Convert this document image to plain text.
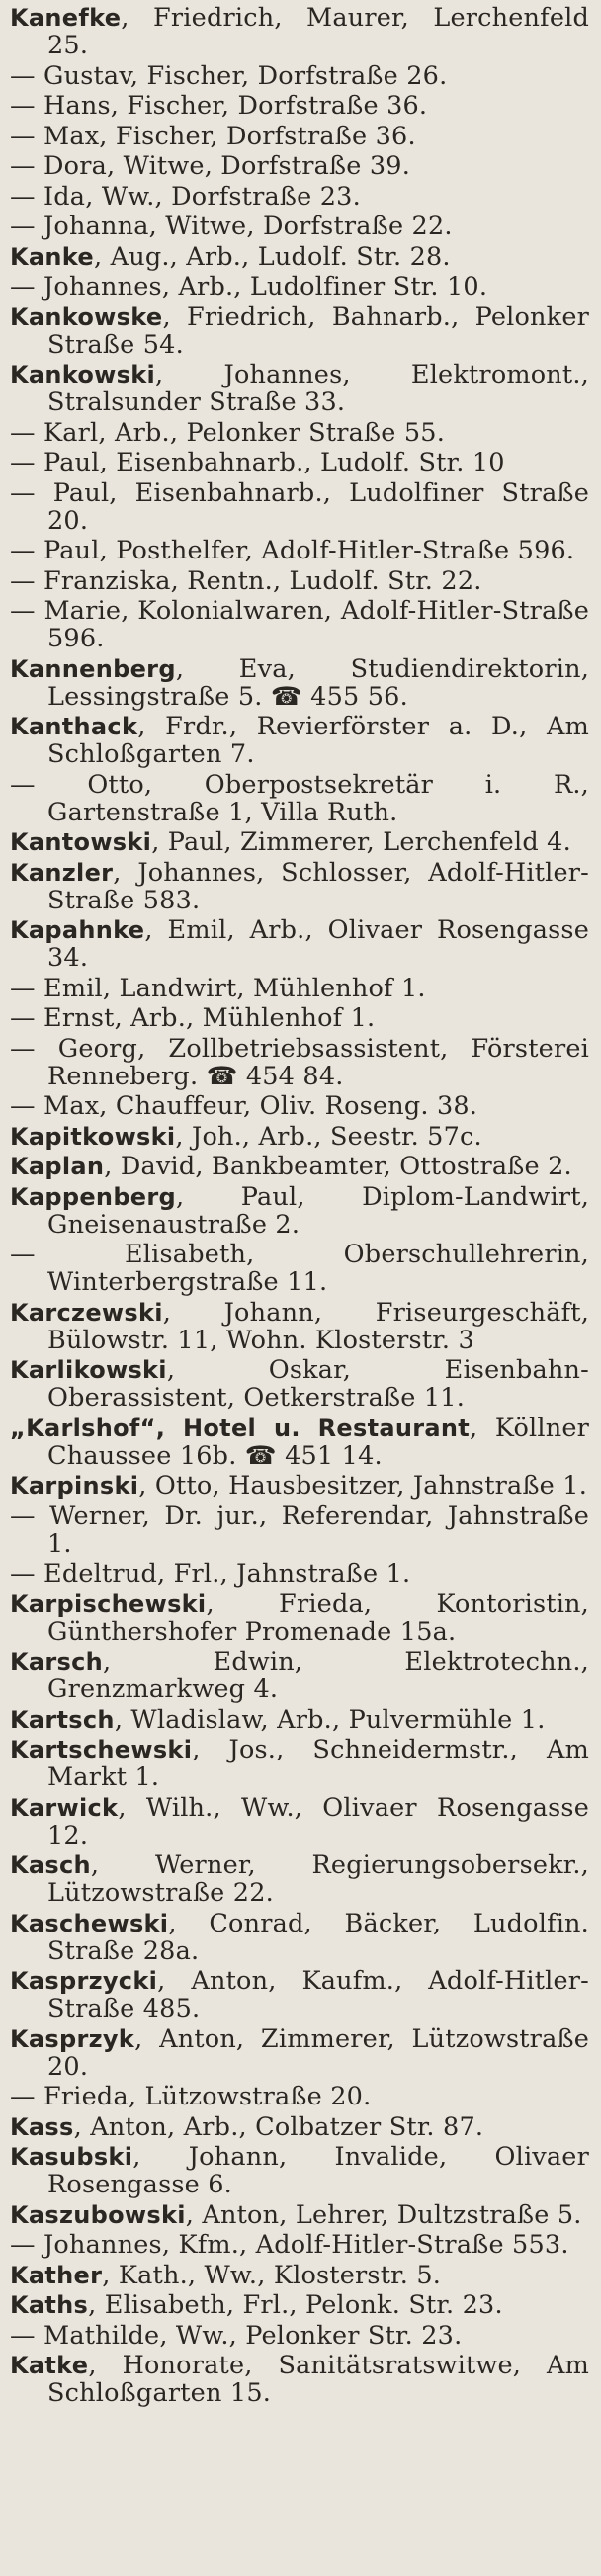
Kanefke, Friedrich, Maurer, Lerchenfeld 25.
— Gustav, Fischer, Dorfstraße 26.
— Hans, Fischer, Dorfstraße 36.
— Max, Fischer, Dorfstraße 36.
— Dora, Witwe, Dorfstraße 39.
— Ida, Ww., Dorfstraße 23.
— Johanna, Witwe, Dorfstraße 22.
Kanke, Aug., Arb., Ludolf. Str. 28.
— Johannes, Arb., Ludolfiner Str. 10.
Kankowske, Friedrich, Bahnarb., Pelonker Straße 54.
Kankowski, Johannes, Elektromont., Stralsunder Straße 33.
— Karl, Arb., Pelonker Straße 55.
— Paul, Eisenbahnarb., Ludolf. Str. 10
— Paul, Eisenbahnarb., Ludolfiner Straße 20.
— Paul, Posthelfer, Adolf-Hitler-Straße 596.
— Franziska, Rentn., Ludolf. Str. 22.
— Marie, Kolonialwaren, Adolf-Hitler-Straße 596.
Kannenberg, Eva, Studiendirektorin, Lessingstraße 5. ☎ 455 56.
Kanthack, Frdr., Revierförster a. D., Am Schloßgarten 7.
— Otto, Oberpostsekretär i. R., Gartenstraße 1, Villa Ruth.
Kantowski, Paul, Zimmerer, Lerchenfeld 4.
Kanzler, Johannes, Schlosser, Adolf-Hitler-Straße 583.
Kapahnke, Emil, Arb., Olivaer Rosengasse 34.
— Emil, Landwirt, Mühlenhof 1.
— Ernst, Arb., Mühlenhof 1.
— Georg, Zollbetriebsassistent, Försterei Renneberg. ☎ 454 84.
— Max, Chauffeur, Oliv. Roseng. 38.
Kapitkowski, Joh., Arb., Seestr. 57c.
Kaplan, David, Bankbeamter, Ottostraße 2.
Kappenberg, Paul, Diplom-Landwirt, Gneisenaustraße 2.
— Elisabeth, Oberschullehrerin, Winterbergstraße 11.
Karczewski, Johann, Friseurgeschäft, Bülowstr. 11, Wohn. Klosterstr. 3
Karlikowski, Oskar, Eisenbahn-Oberassistent, Oetkerstraße 11.
„Karlshof“, Hotel u. Restaurant, Köllner Chaussee 16b. ☎ 451 14.
Karpinski, Otto, Hausbesitzer, Jahnstraße 1.
— Werner, Dr. jur., Referendar, Jahnstraße 1.
— Edeltrud, Frl., Jahnstraße 1.
Karpischewski, Frieda, Kontoristin, Günthershofer Promenade 15a.
Karsch, Edwin, Elektrotechn., Grenzmarkweg 4.
Kartsch, Wladislaw, Arb., Pulvermühle 1.
Kartschewski, Jos., Schneidermstr., Am Markt 1.
Karwick, Wilh., Ww., Olivaer Rosengasse 12.
Kasch, Werner, Regierungsobersekr., Lützowstraße 22.
Kaschewski, Conrad, Bäcker, Ludolfin. Straße 28a.
Kasprzycki, Anton, Kaufm., Adolf-Hitler-Straße 485.
Kasprzyk, Anton, Zimmerer, Lützowstraße 20.
— Frieda, Lützowstraße 20.
Kass, Anton, Arb., Colbatzer Str. 87.
Kasubski, Johann, Invalide, Olivaer Rosengasse 6.
Kaszubowski, Anton, Lehrer, Dultzstraße 5.
— Johannes, Kfm., Adolf-Hitler-Straße 553.
Kather, Kath., Ww., Klosterstr. 5.
Kaths, Elisabeth, Frl., Pelonk. Str. 23.
— Mathilde, Ww., Pelonker Str. 23.
Katke, Honorate, Sanitätsratswitwe, Am Schloßgarten 15.
